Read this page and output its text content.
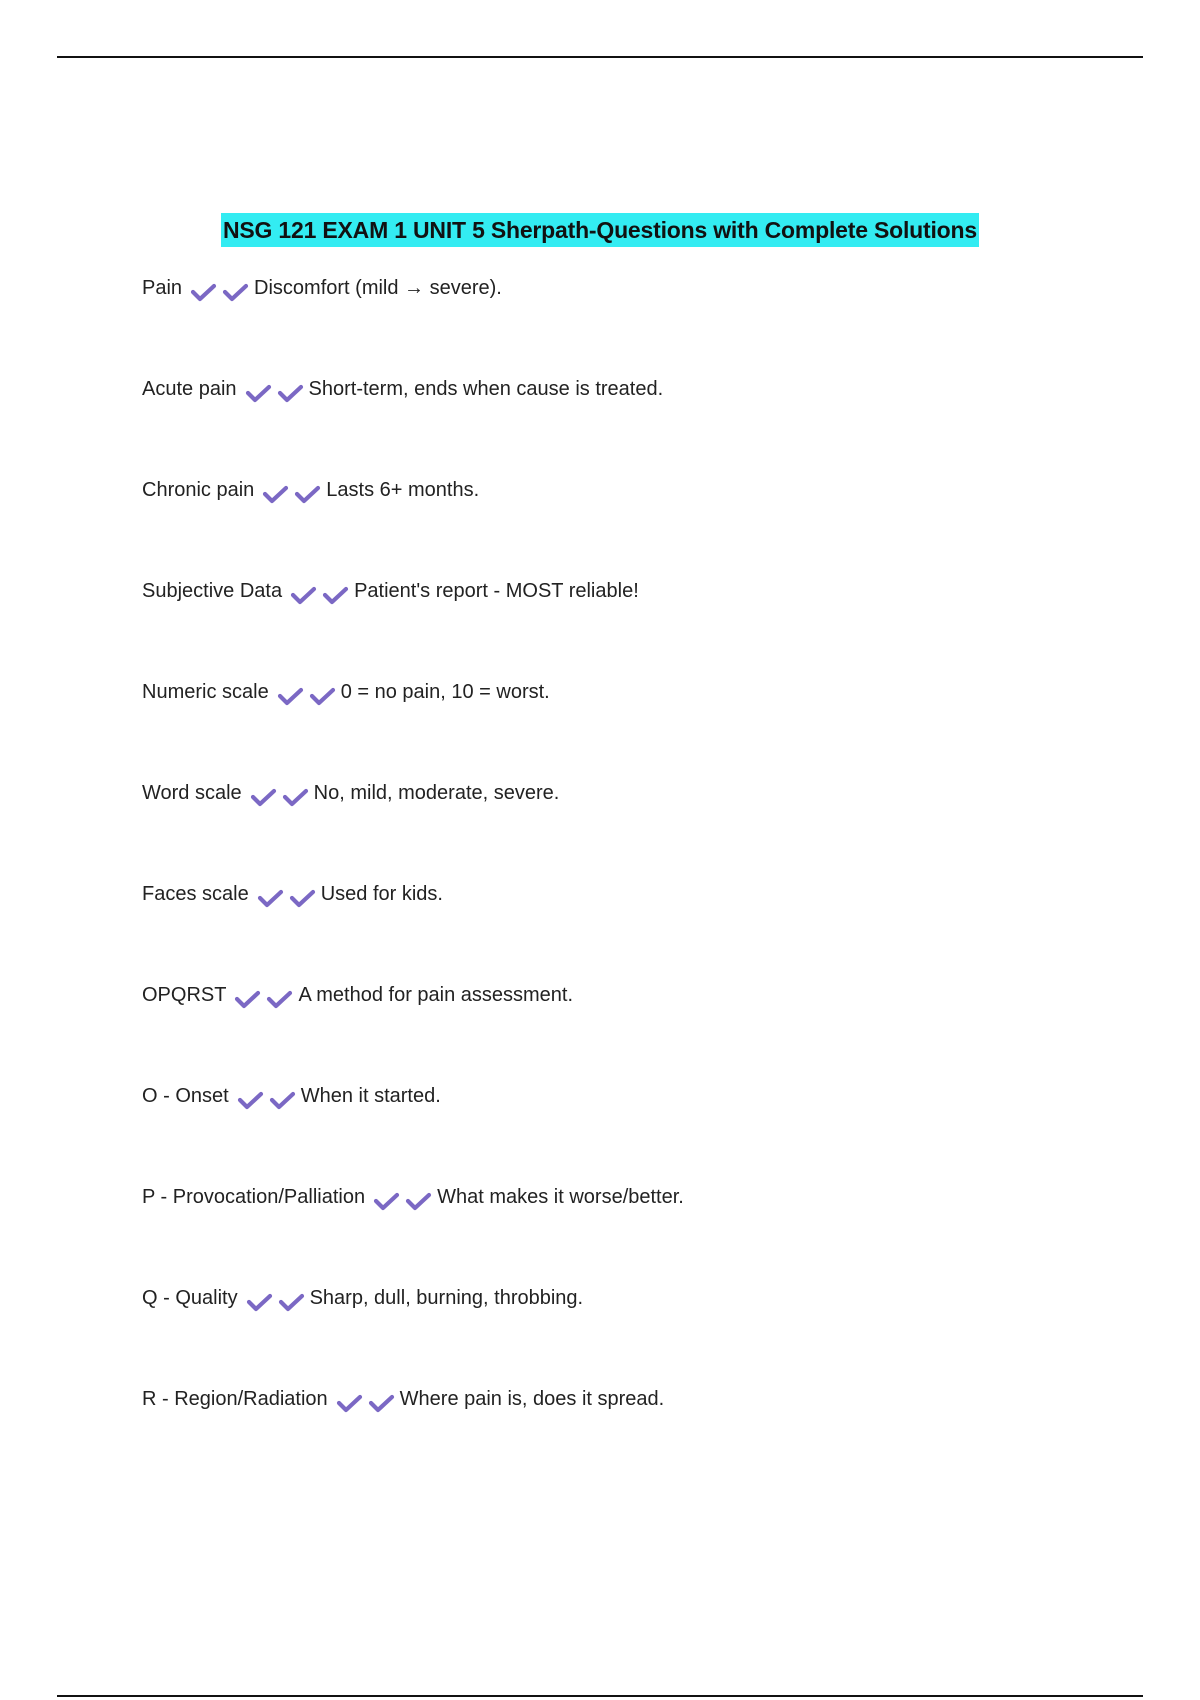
NSG 121 EXAM 1 UNIT 5 Sherpath-Questions with Complete Solutions
Pain	Discomfort (mild → severe).
Acute pain	Short-term, ends when cause is treated.
Chronic pain	Lasts 6+ months.
Subjective Data	Patient's report - MOST reliable!
Numeric scale	0 = no pain, 10 = worst.
Word scale	No, mild, moderate, severe.
Faces scale	Used for kids.
OPQRST	A method for pain assessment.
O - Onset	When it started.
P - Provocation/Palliation	What makes it worse/better.
Q - Quality	Sharp, dull, burning, throbbing.
R - Region/Radiation	Where pain is, does it spread.
